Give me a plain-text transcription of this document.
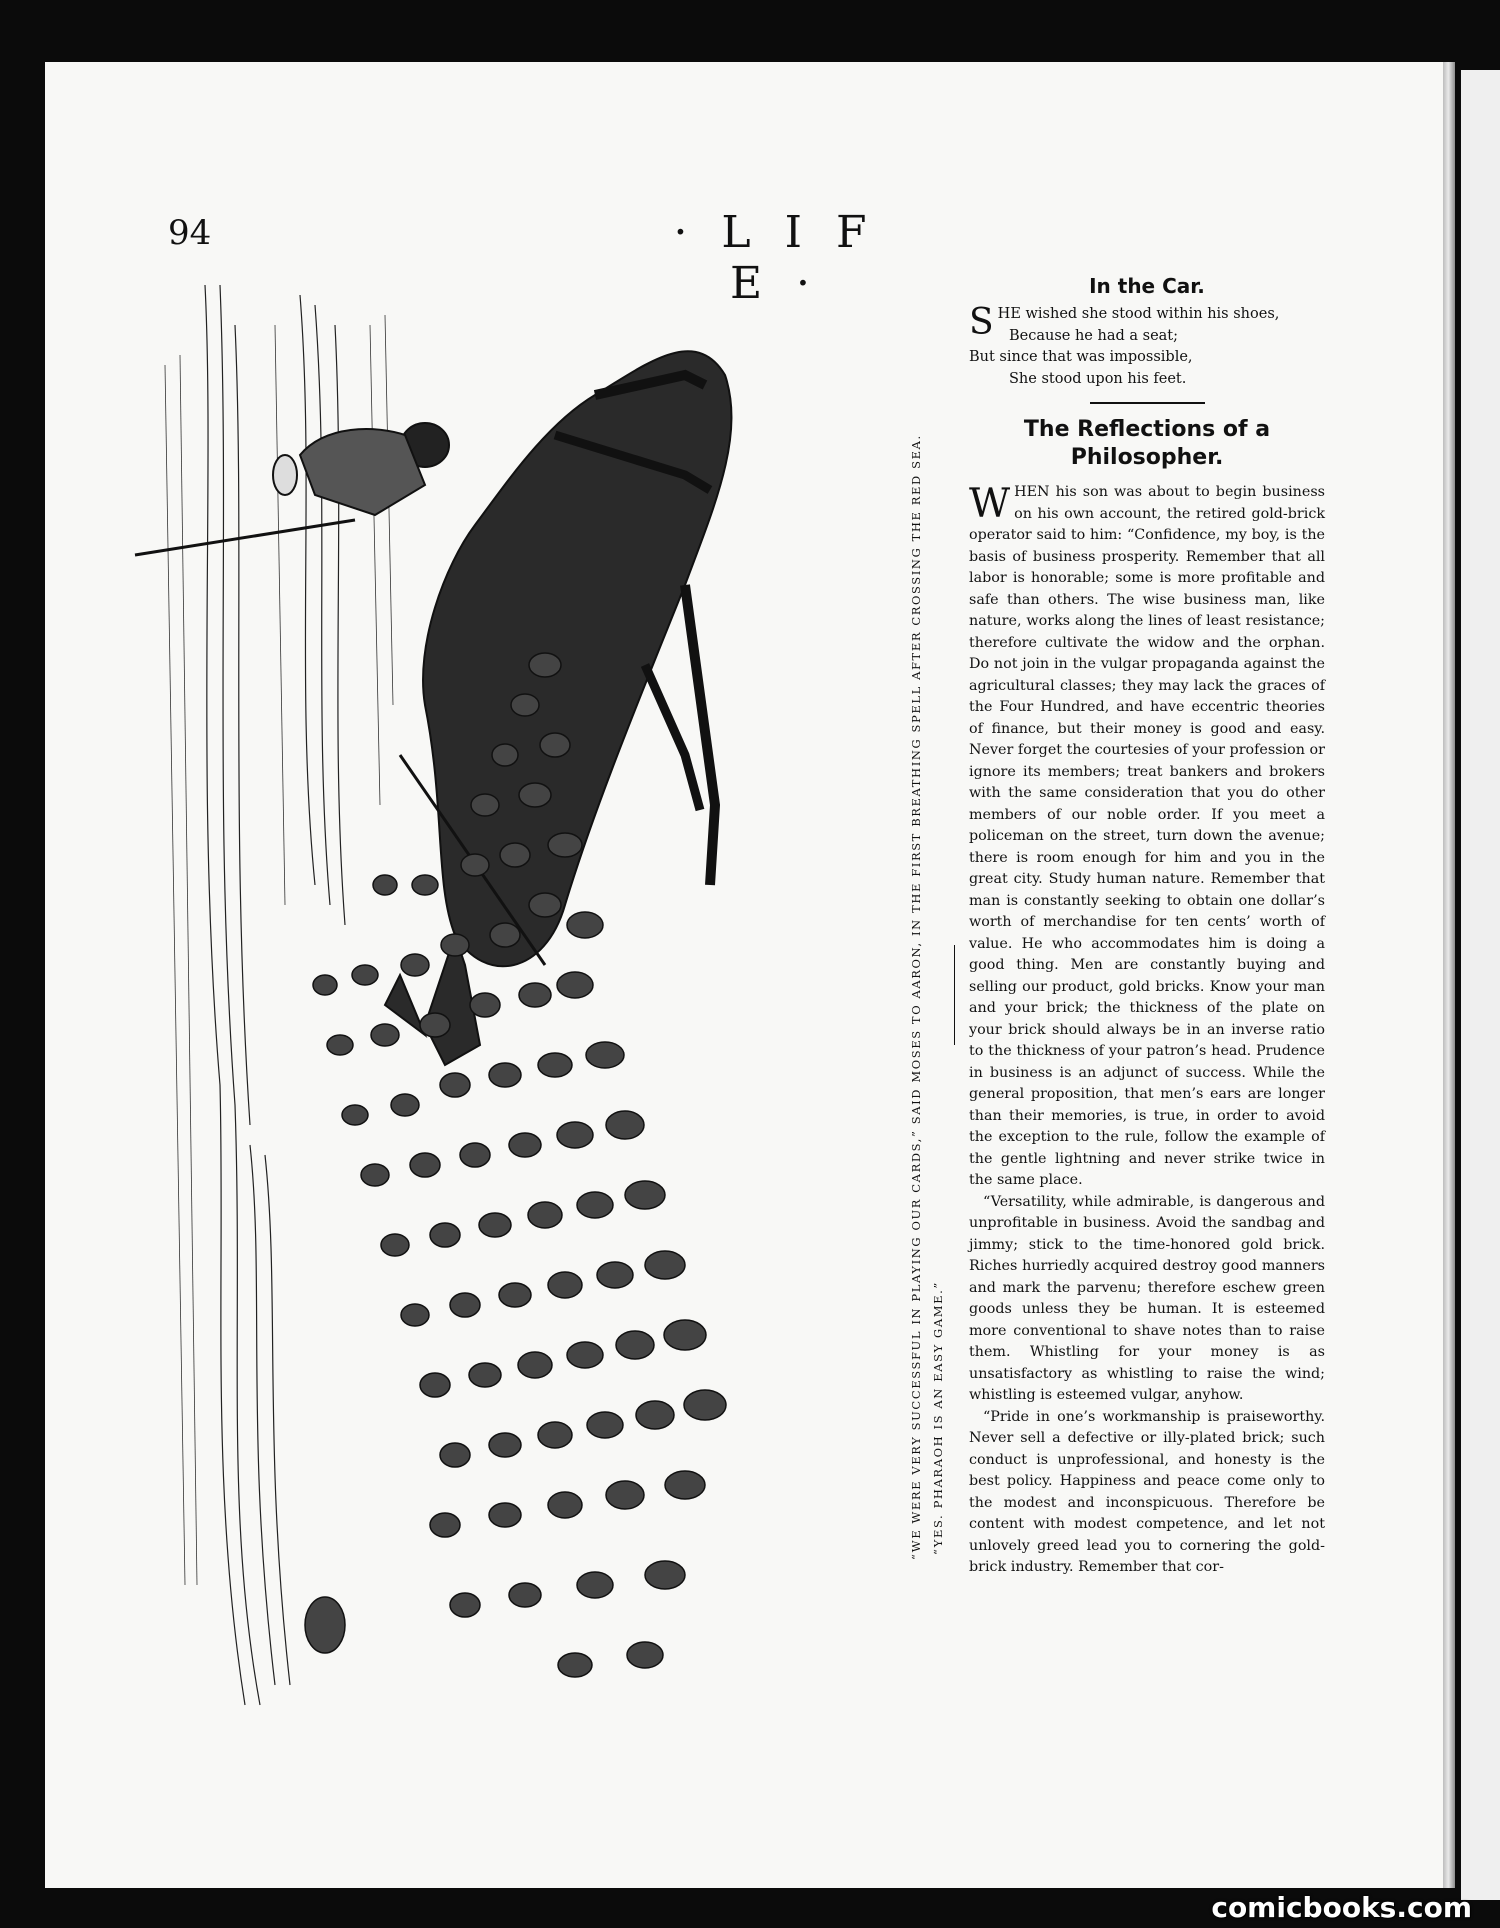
94	· L I F E ·
“WE WERE VERY SUCCESSFUL IN PLAYING OUR CARDS,” SAID MOSES TO AARON, IN THE FIRST BREATHING SPELL AFTER CROSSING THE RED SEA. “YES. PHARAOH IS AN EASY GAME.”
In the Car.
S HE wished she stood within his shoes,
Because he had a seat;
But since that was impossible,
She stood upon his feet.
The Reflections of a Philosopher.

WHEN his son was about to begin business on his own account, the retired gold-brick operator said to him: “Confidence, my boy, is the basis of business prosperity. Remember that all labor is honorable; some is more profitable and safe than others. The wise business man, like nature, works along the lines of least resistance; therefore cultivate the widow and the orphan. Do not join in the vulgar propaganda against the agricultural classes; they may lack the graces of the Four Hundred, and have eccentric theories of finance, but their money is good and easy. Never forget the courtesies of your profession or ignore its members; treat bankers and brokers with the same consideration that you do other members of our noble order. If you meet a policeman on the street, turn down the avenue; there is room enough for him and you in the great city. Study human nature. Remember that man is constantly seeking to obtain one dollar’s worth of merchandise for ten cents’ worth of value. He who accommodates him is doing a good thing. Men are constantly buying and selling our product, gold bricks. Know your man and your brick; the thickness of the plate on your brick should always be in an inverse ratio to the thickness of your patron’s head. Prudence in business is an adjunct of success. While the general proposition, that men’s ears are longer than their memories, is true, in order to avoid the exception to the rule, follow the example of the gentle lightning and never strike twice in the same place.

“Versatility, while admirable, is dangerous and unprofitable in business. Avoid the sandbag and jimmy; stick to the time-honored gold brick. Riches hurriedly acquired destroy good manners and mark the parvenu; therefore eschew green goods unless they be human. It is esteemed more conventional to shave notes than to raise them. Whistling for your money is as unsatisfactory as whistling to raise the wind; whistling is esteemed vulgar, anyhow.

“Pride in one’s workmanship is praiseworthy. Never sell a defective or illy-plated brick; such conduct is unprofessional, and honesty is the best policy. Happiness and peace come only to the modest and inconspicuous. Therefore be content with modest competence, and let not unlovely greed lead you to cornering the gold-brick industry. Remember that cor-

comicbooks.com
